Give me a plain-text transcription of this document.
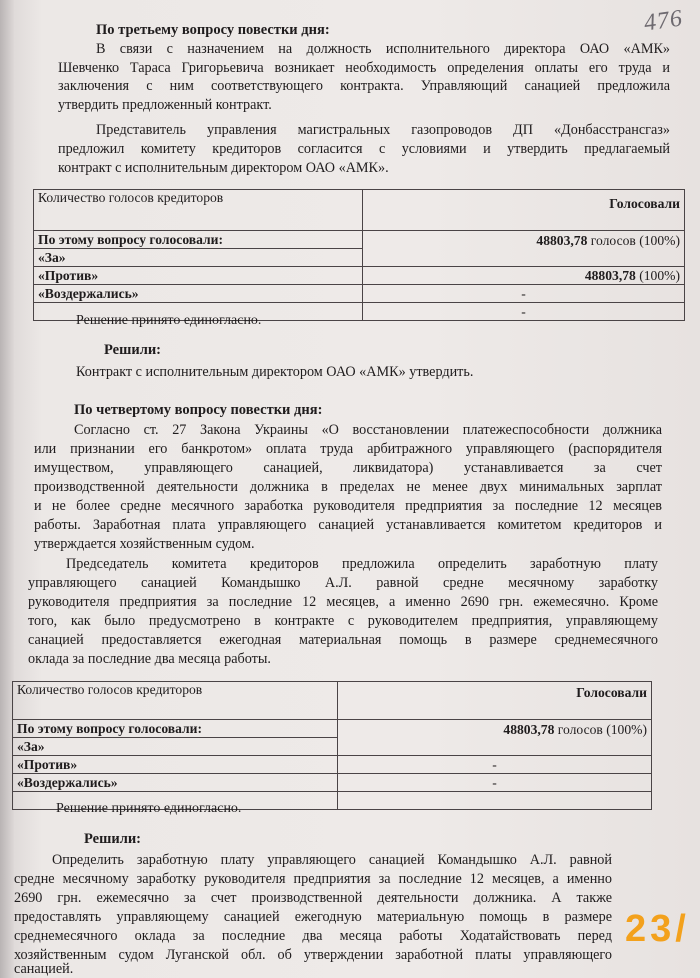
476
По третьему вопросу повестки дня:
В связи с назначением на должность исполнительного директора ОАО «АМК»
Шевченко Тараса Григорьевича возникает необходимость определения оплаты его труда и
заключения с ним соответствующего контракта. Управляющий санацией предложила
утвердить предложенный контракт.
Представитель управления магистральных газопроводов ДП «Донбасстрансгаз»
предложил комитету кредиторов согласится с условиями и утвердить предлагаемый
контракт с исполнительным директором ОАО «АМК».
Количество голосов кредиторов	Голосовали
По этому вопросу голосовали:	48803,78 голосов (100%)
«За»	
«Против»	48803,78 (100%)
«Воздержались»	-
	-
Решение принято единогласно.
Решили:
Контракт с исполнительным директором ОАО «АМК» утвердить.
По четвертому вопросу повестки дня:
Согласно ст. 27 Закона Украины «О восстановлении платежеспособности должника
или признании его банкротом» оплата труда арбитражного управляющего (распорядителя
имуществом, управляющего санацией, ликвидатора) устанавливается за счет
производственной деятельности должника в пределах не менее двух минимальных зарплат
и не более средне месячного заработка руководителя предприятия за последние 12 месяцев
работы. Заработная плата управляющего санацией устанавливается комитетом кредиторов и
утверждается хозяйственным судом.
Председатель комитета кредиторов предложила определить заработную плату
управляющего санацией Командышко А.Л. равной средне месячному заработку
руководителя предприятия за последние 12 месяцев, а именно 2690 грн. ежемесячно. Кроме
того, как было предусмотрено в контракте с руководителем предприятия, управляющему
санацией предоставляется ежегодная материальная помощь в размере среднемесячного
оклада за последние два месяца работы.
Количество голосов кредиторов	Голосовали
По этому вопросу голосовали:	48803,78 голосов (100%)
«За»	
«Против»	-
«Воздержались»	-

Решение принято единогласно.
Решили:
Определить заработную плату управляющего санацией Командышко А.Л. равной
средне месячному заработку руководителя предприятия за последние 12 месяцев, а именно
2690 грн. ежемесячно за счет производственной деятельности должника. А также
предоставлять управляющему санацией ежегодную материальную помощь в размере
среднемесячного оклада за последние два месяца работы Ходатайствовать перед
хозяйственным судом Луганской обл. об утверждении заработной платы управляющего
санацией.
23/
